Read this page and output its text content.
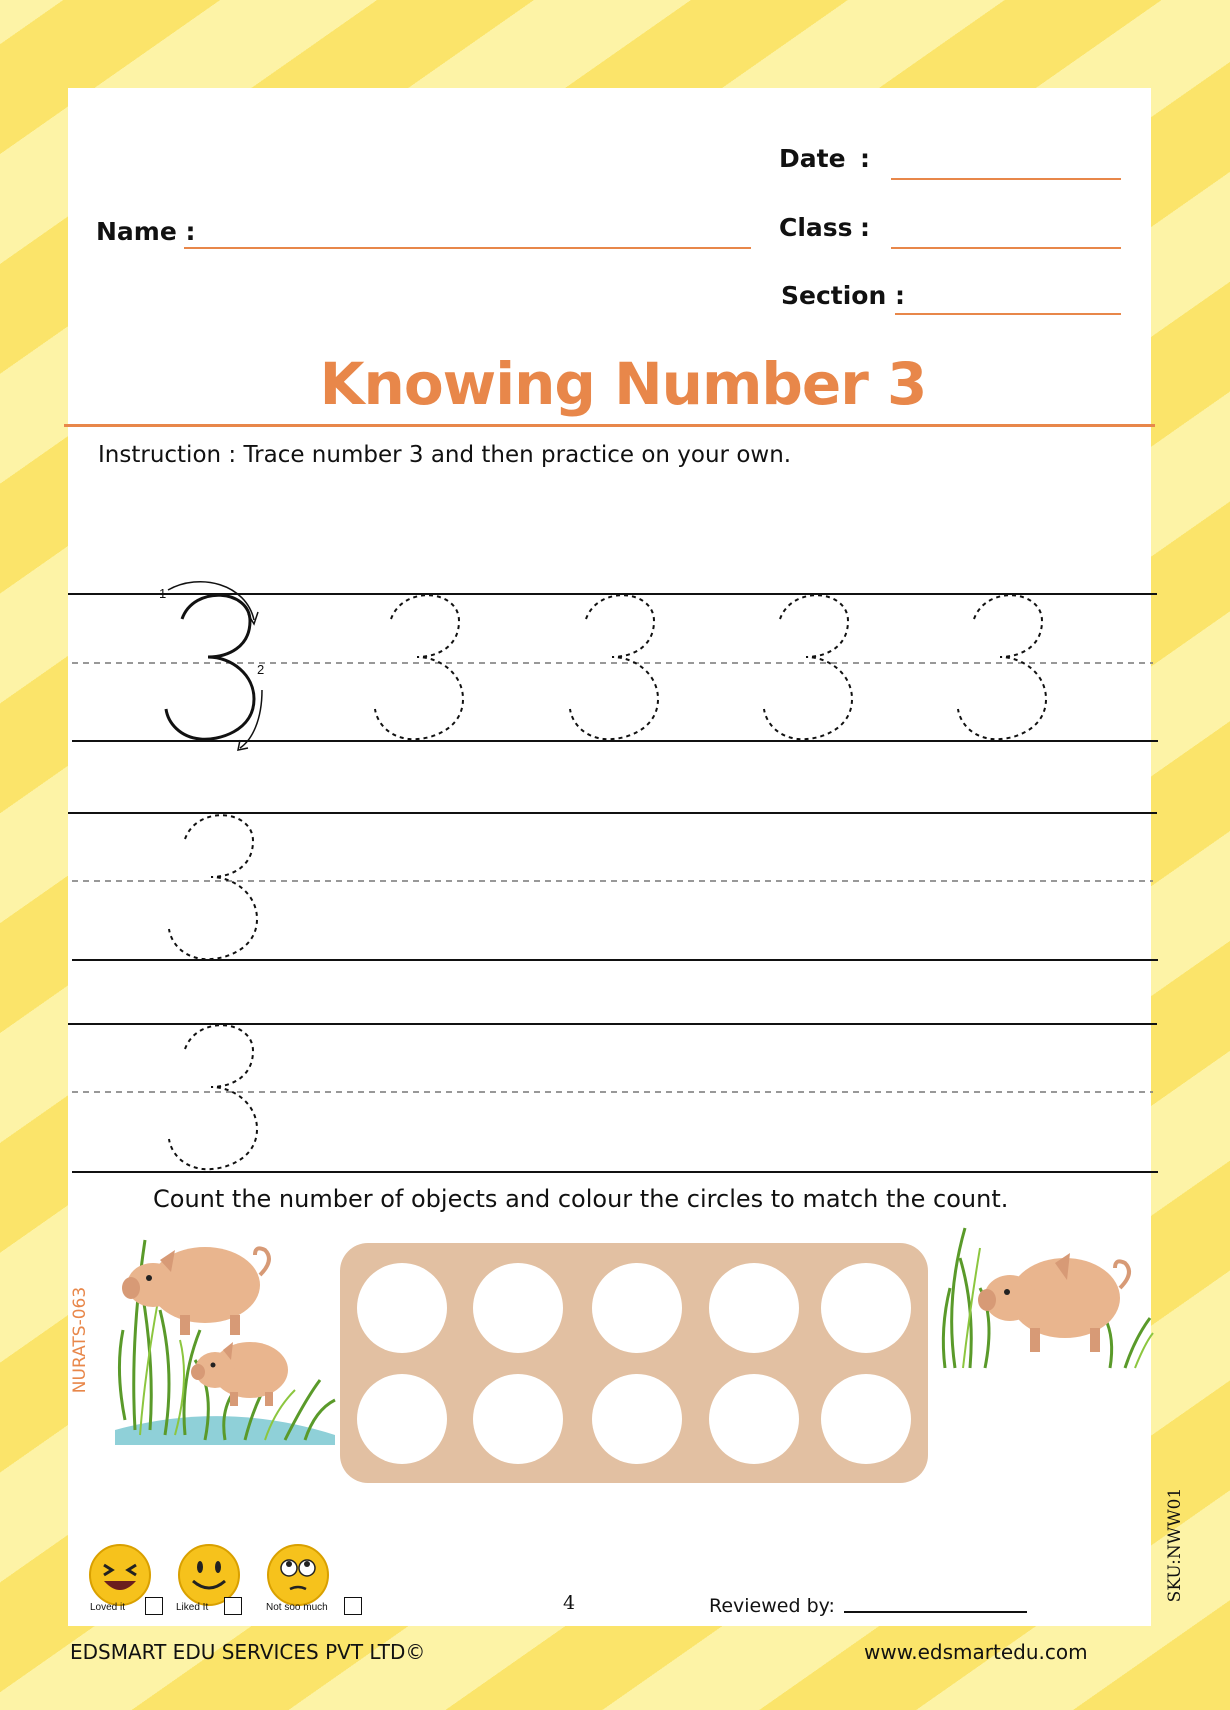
Date :
Class :
Name :
Section :
Knowing Number 3
Instruction : Trace number 3 and then practice on your own.
1
2
Count the number of objects and colour the circles to match the count.
NURATS-063
SKU:NWW01
Loved it	Liked It	Not soo much	4	Reviewed by:
EDSMART EDU SERVICES PVT LTD©	www.edsmartedu.com
